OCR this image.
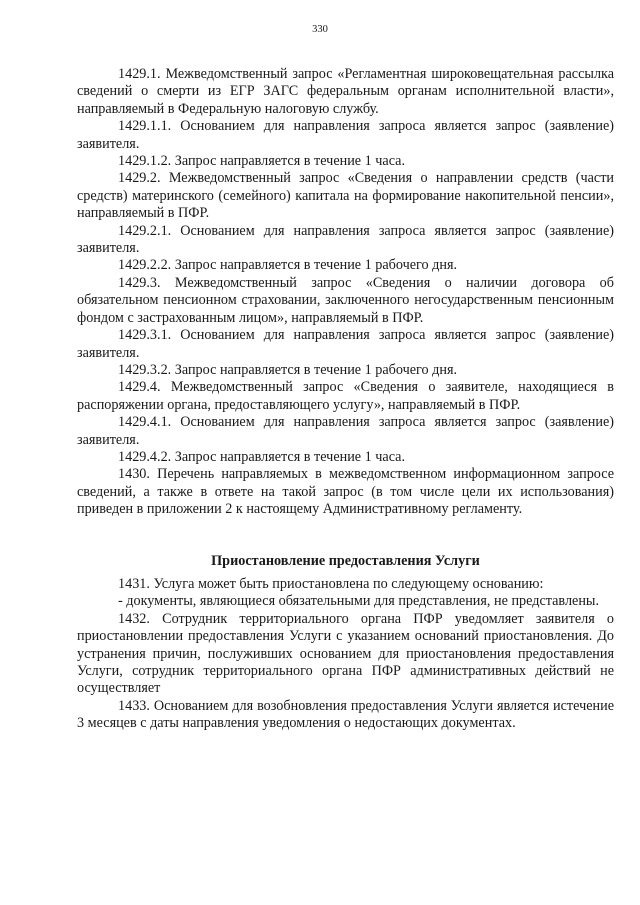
330

1429.1. Межведомственный запрос «Регламентная широковещательная рассылка сведений о смерти из ЕГР ЗАГС федеральным органам исполнительной власти», направляемый в Федеральную налоговую службу.

1429.1.1. Основанием для направления запроса является запрос (заявление) заявителя.

1429.1.2. Запрос направляется в течение 1 часа.

1429.2. Межведомственный запрос «Сведения о направлении средств (части средств) материнского (семейного) капитала на формирование накопительной пенсии», направляемый в ПФР.

1429.2.1. Основанием для направления запроса является запрос (заявление) заявителя.

1429.2.2. Запрос направляется в течение 1 рабочего дня.

1429.3. Межведомственный запрос «Сведения о наличии договора об обязательном пенсионном страховании, заключенного негосударственным пенсионным фондом с застрахованным лицом», направляемый в ПФР.

1429.3.1. Основанием для направления запроса является запрос (заявление) заявителя.

1429.3.2. Запрос направляется в течение 1 рабочего дня.

1429.4. Межведомственный запрос «Сведения о заявителе, находящиеся в распоряжении органа, предоставляющего услугу», направляемый в ПФР.

1429.4.1. Основанием для направления запроса является запрос (заявление) заявителя.

1429.4.2. Запрос направляется в течение 1 часа.

1430. Перечень направляемых в межведомственном информационном запросе сведений, а также в ответе на такой запрос (в том числе цели их использования) приведен в приложении 2 к настоящему Административному регламенту.

Приостановление предоставления Услуги

1431. Услуга может быть приостановлена по следующему основанию:

- документы, являющиеся обязательными для представления, не представлены.

1432. Сотрудник территориального органа ПФР уведомляет заявителя о приостановлении предоставления Услуги с указанием оснований приостановления. До устранения причин, послуживших основанием для приостановления предоставления Услуги, сотрудник территориального органа ПФР административных действий не осуществляет

1433. Основанием для возобновления предоставления Услуги является истечение 3 месяцев с даты направления уведомления о недостающих документах.
